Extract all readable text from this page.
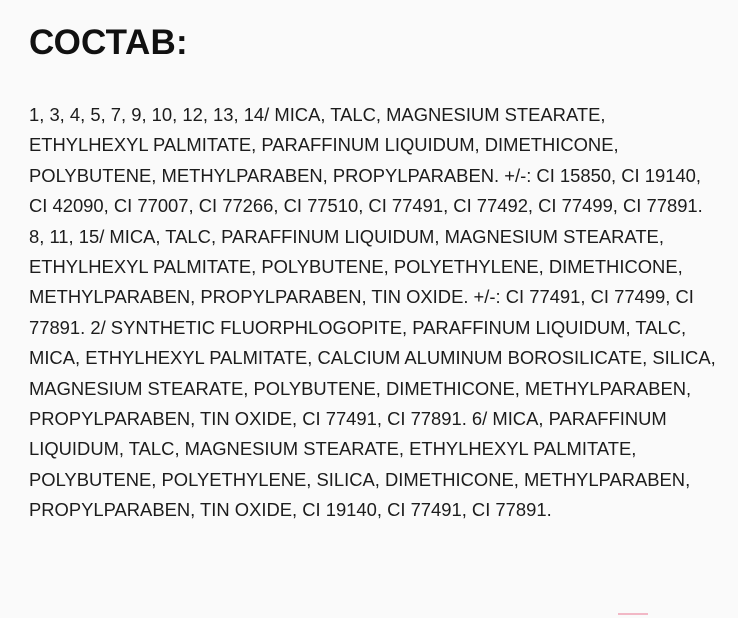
СОСТАВ:

1, 3, 4, 5, 7, 9, 10, 12, 13, 14/ MICA, TALC, MAGNESIUM STEARATE, ETHYLHEXYL PALMITATE, PARAFFINUM LIQUIDUM, DIMETHICONE, POLYBUTENE, METHYLPARABEN, PROPYLPARABEN. +/-: CI 15850, CI 19140, CI 42090, CI 77007, CI 77266, CI 77510, CI 77491, CI 77492, CI 77499, CI 77891. 8, 11, 15/ MICA, TALC, PARAFFINUM LIQUIDUM, MAGNESIUM STEARATE, ETHYLHEXYL PALMITATE, POLYBUTENE, POLYETHYLENE, DIMETHICONE, METHYLPARABEN, PROPYLPARABEN, TIN OXIDE. +/-: CI 77491, CI 77499, CI 77891. 2/ SYNTHETIC FLUORPHLOGOPITE, PARAFFINUM LIQUIDUM, TALC, MICA, ETHYLHEXYL PALMITATE, CALCIUM ALUMINUM BOROSILICATE, SILICA, MAGNESIUM STEARATE, POLYBUTENE, DIMETHICONE, METHYLPARABEN, PROPYLPARABEN, TIN OXIDE, CI 77491, CI 77891. 6/ MICA, PARAFFINUM LIQUIDUM, TALC, MAGNESIUM STEARATE, ETHYLHEXYL PALMITATE, POLYBUTENE, POLYETHYLENE, SILICA, DIMETHICONE, METHYLPARABEN, PROPYLPARABEN, TIN OXIDE, CI 19140, CI 77491, CI 77891.
